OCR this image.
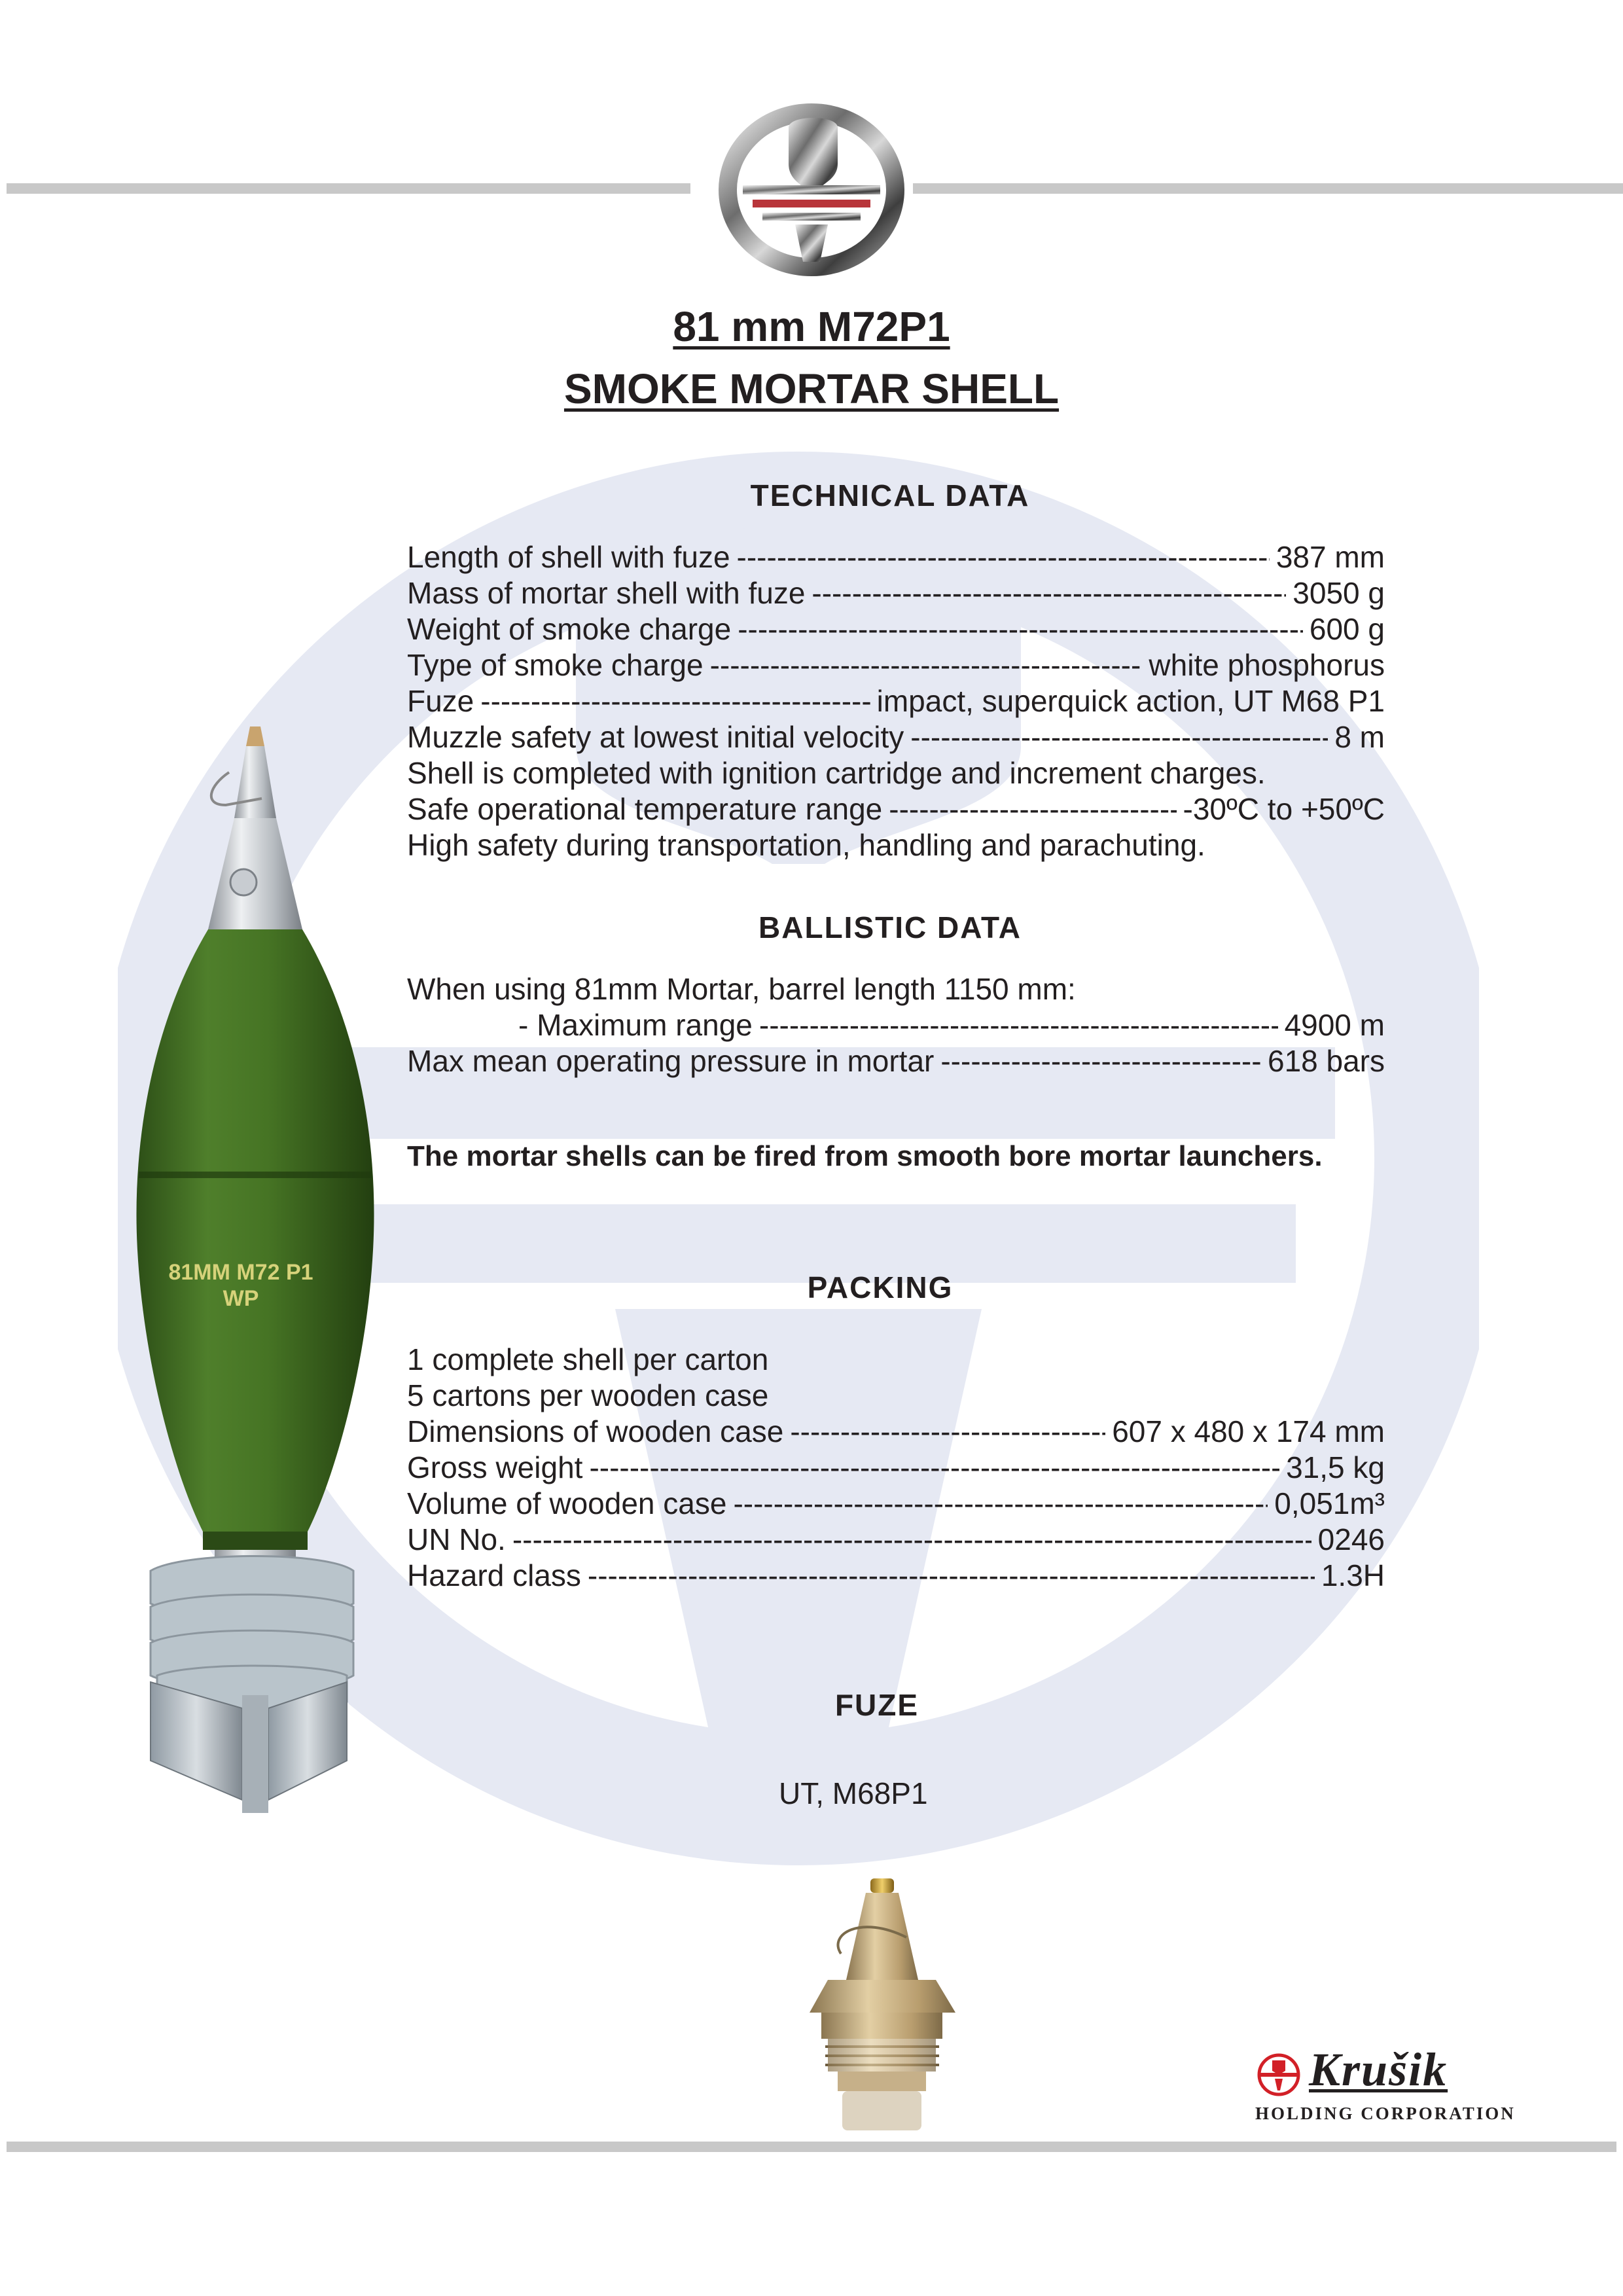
81 mm M72P1
SMOKE MORTAR SHELL
TECHNICAL DATA
Length of shell with fuze -----	387 mm
Mass of mortar shell with fuze -----	3050 g
Weight of smoke charge -----	600 g
Type of smoke charge -----	white phosphorus
Fuze -----	impact, superquick action, UT M68 P1
Muzzle safety at lowest initial velocity -----	8 m
Shell is completed with ignition cartridge and increment charges.
Safe operational temperature range -----	-30ºC to +50ºC
High safety during transportation, handling and parachuting.
BALLISTIC DATA
When using 81mm Mortar, barrel length 1150 mm:
- Maximum range -----	4900 m
Max mean operating pressure in mortar -----	618 bars
The mortar shells can be fired from smooth bore mortar launchers.
PACKING
1 complete shell per carton
5 cartons per wooden case
Dimensions of wooden case -----	607 x 480 x 174 mm
Gross weight -----	31,5 kg
Volume of wooden case -----	0,051m³
UN No. -----	0246
Hazard class -----	1.3H
FUZE
UT, M68P1
81MM M72 P1
WP
Krušik
HOLDING CORPORATION
